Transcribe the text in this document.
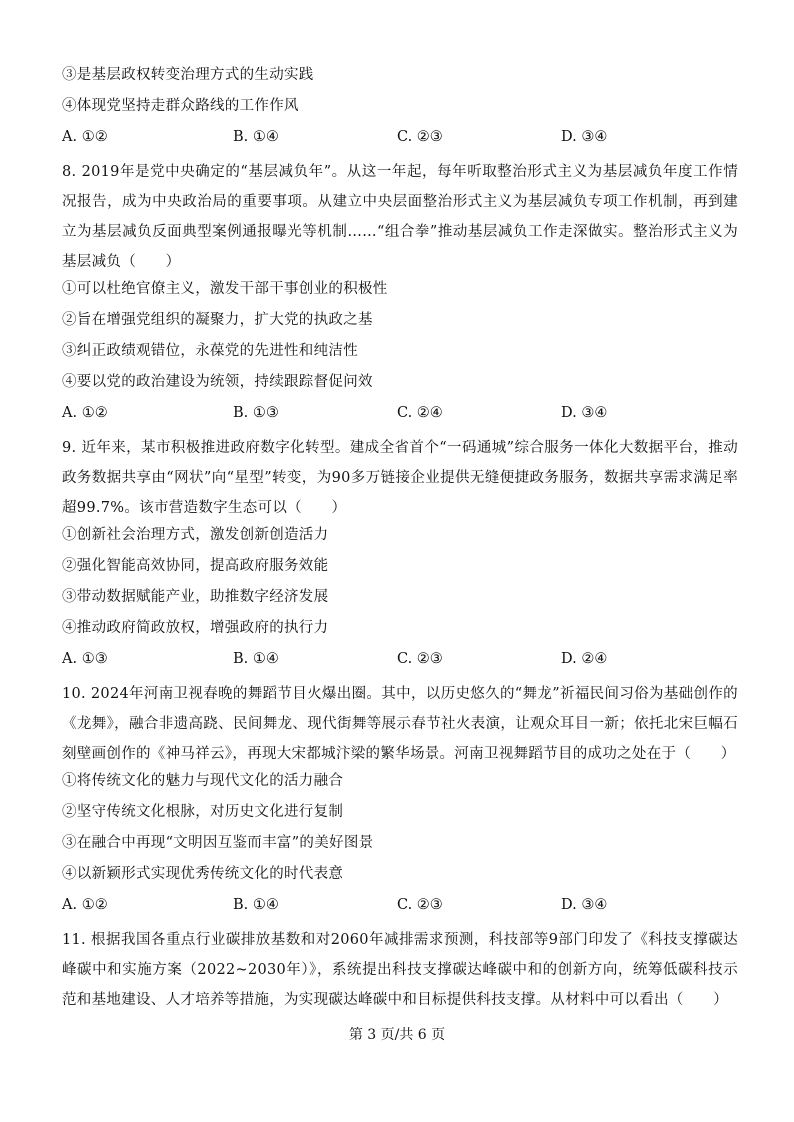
③是基层政权转变治理方式的生动实践
④体现党坚持走群众路线的工作作风
A. ①②	B. ①④	C. ②③	D. ③④
8. 2019年是党中央确定的“基层减负年”。从这一年起，每年听取整治形式主义为基层减负年度工作情况报告，成为中央政治局的重要事项。从建立中央层面整治形式主义为基层减负专项工作机制，再到建立为基层减负反面典型案例通报曝光等机制……“组合拳”推动基层减负工作走深做实。整治形式主义为基层减负（　　）
①可以杜绝官僚主义，激发干部干事创业的积极性
②旨在增强党组织的凝聚力，扩大党的执政之基
③纠正政绩观错位，永葆党的先进性和纯洁性
④要以党的政治建设为统领，持续跟踪督促问效
A. ①②	B. ①③	C. ②④	D. ③④
9. 近年来，某市积极推进政府数字化转型。建成全省首个“一码通城”综合服务一体化大数据平台，推动政务数据共享由“网状”向“星型”转变，为90多万链接企业提供无缝便捷政务服务，数据共享需求满足率超99.7%。该市营造数字生态可以（　　）
①创新社会治理方式，激发创新创造活力
②强化智能高效协同，提高政府服务效能
③带动数据赋能产业，助推数字经济发展
④推动政府简政放权，增强政府的执行力
A. ①③	B. ①④	C. ②③	D. ②④
10. 2024年河南卫视春晚的舞蹈节目火爆出圈。其中，以历史悠久的“舞龙”祈福民间习俗为基础创作的《龙舞》，融合非遗高跷、民间舞龙、现代街舞等展示春节社火表演，让观众耳目一新；依托北宋巨幅石刻壁画创作的《神马祥云》，再现大宋都城汴梁的繁华场景。河南卫视舞蹈节目的成功之处在于（　　）
①将传统文化的魅力与现代文化的活力融合
②坚守传统文化根脉，对历史文化进行复制
③在融合中再现“文明因互鉴而丰富”的美好图景
④以新颖形式实现优秀传统文化的时代表意
A. ①②	B. ①④	C. ②③	D. ③④
11. 根据我国各重点行业碳排放基数和对2060年减排需求预测，科技部等9部门印发了《科技支撑碳达峰碳中和实施方案（2022~2030年）》，系统提出科技支撑碳达峰碳中和的创新方向，统筹低碳科技示范和基地建设、人才培养等措施，为实现碳达峰碳中和目标提供科技支撑。从材料中可以看出（　　）
第 3 页/共 6 页
